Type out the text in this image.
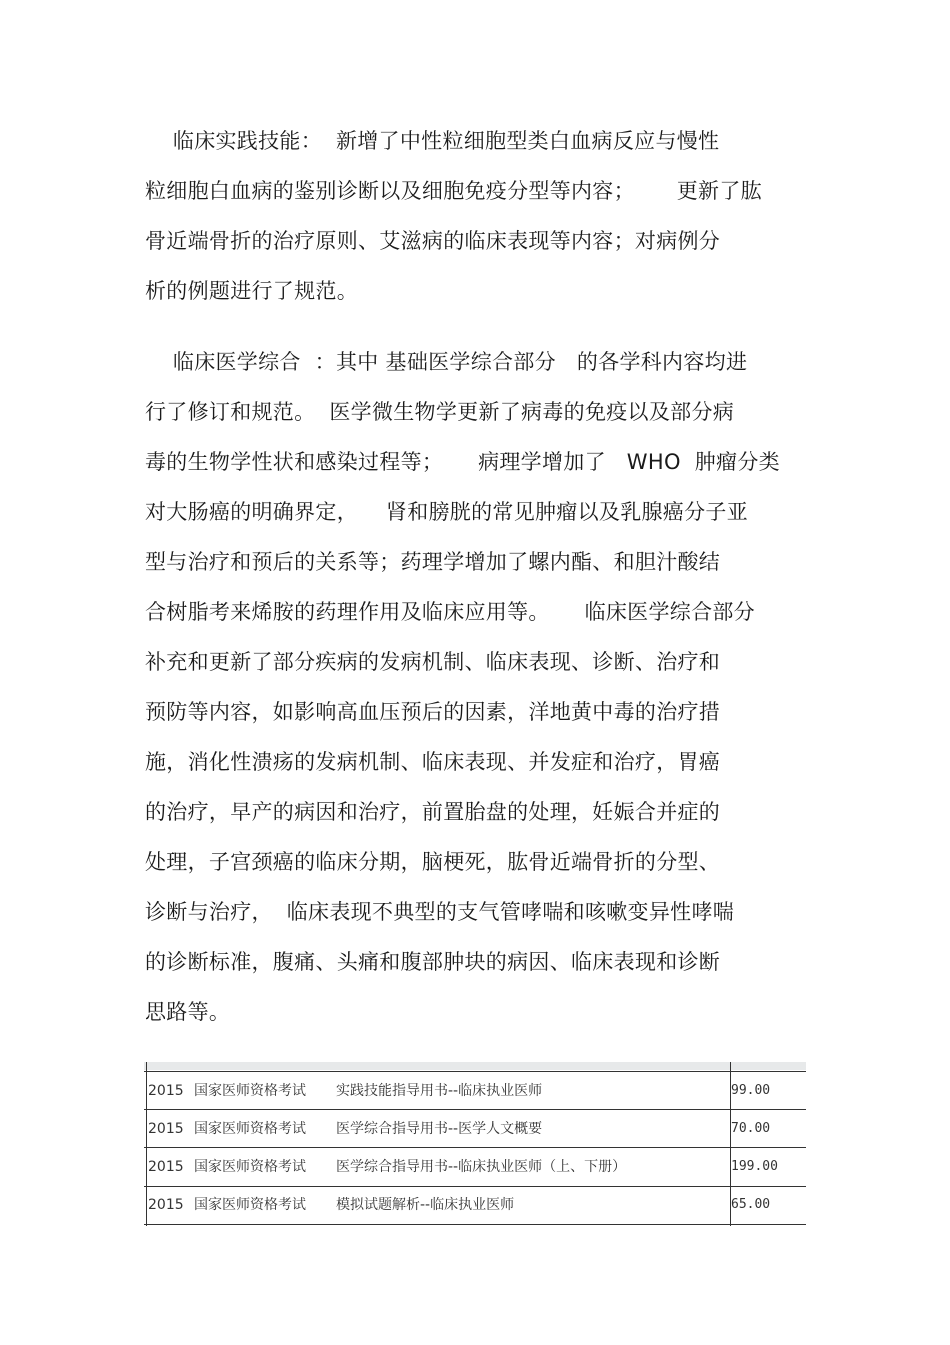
临床实践技能：  新增了中性粒细胞型类白血病反应与慢性
粒细胞白血病的鉴别诊断以及细胞免疫分型等内容；      更新了肱
骨近端骨折的治疗原则、艾滋病的临床表现等内容；对病例分
析的例题进行了规范。
临床医学综合  ：其中 基础医学综合部分   的各学科内容均进
行了修订和规范。  医学微生物学更新了病毒的免疫以及部分病
毒的生物学性状和感染过程等；     病理学增加了   WHO  肿瘤分类
对大肠癌的明确界定，    肾和膀胱的常见肿瘤以及乳腺癌分子亚
型与治疗和预后的关系等；药理学增加了螺内酯、和胆汁酸结
合树脂考来烯胺的药理作用及临床应用等。     临床医学综合部分
补充和更新了部分疾病的发病机制、临床表现、诊断、治疗和
预防等内容，如影响高血压预后的因素，洋地黄中毒的治疗措
施，消化性溃疡的发病机制、临床表现、并发症和治疗，胃癌
的治疗，早产的病因和治疗，前置胎盘的处理，妊娠合并症的
处理，子宫颈癌的临床分期，脑梗死，肱骨近端骨折的分型、
诊断与治疗，  临床表现不典型的支气管哮喘和咳嗽变异性哮喘
的诊断标准，腹痛、头痛和腹部肿块的病因、临床表现和诊断
思路等。
2015 国家医师资格考试 实践技能指导用书--临床执业医师	99.00
2015 国家医师资格考试 医学综合指导用书--医学人文概要	70.00
2015 国家医师资格考试 医学综合指导用书--临床执业医师（上、下册）	199.00
2015 国家医师资格考试 模拟试题解析--临床执业医师	65.00
